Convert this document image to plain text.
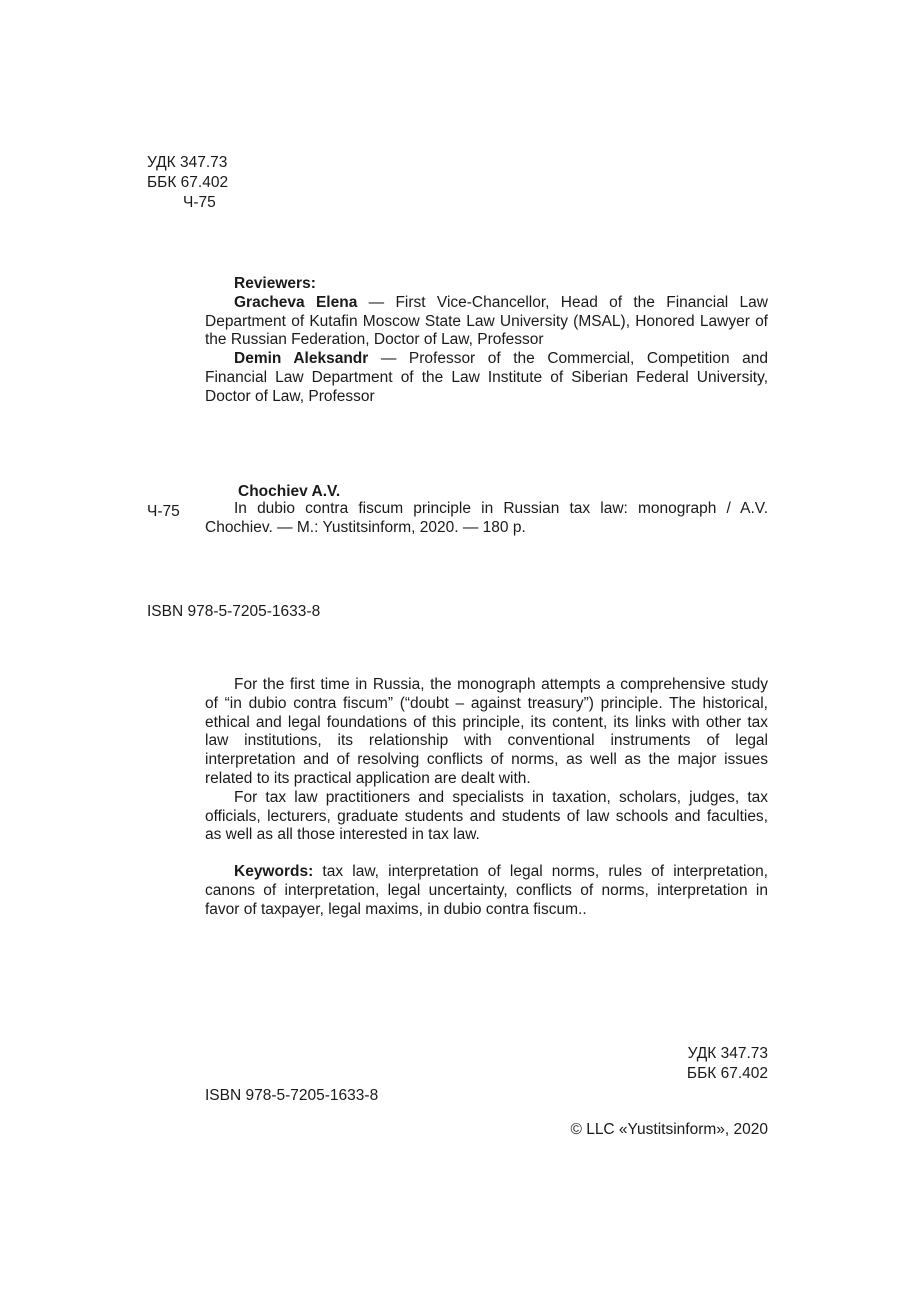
УДК 347.73
ББК 67.402
Ч-75

Reviewers:

Gracheva Elena — First Vice-Chancellor, Head of the Financial Law Department of Kutafin Moscow State Law University (MSAL), Honored Lawyer of the Russian Federation, Doctor of Law, Professor

Demin Aleksandr — Professor of the Commercial, Competition and Financial Law Department of the Law Institute of Siberian Federal University, Doctor of Law, Professor

Chochiev A.V.
Ч-75	In dubio contra fiscum principle in Russian tax law: monograph / A.V. Chochiev. — M.: Yustitsinform, 2020. — 180 p.

ISBN 978-5-7205-1633-8

For the first time in Russia, the monograph attempts a comprehensive study of “in dubio contra fiscum” (“doubt – against treasury”) principle. The historical, ethical and legal foundations of this principle, its content, its links with other tax law institutions, its relationship with conventional instruments of legal interpretation and of resolving conflicts of norms, as well as the major issues related to its practical application are dealt with.

For tax law practitioners and specialists in taxation, scholars, judges, tax officials, lecturers, graduate students and students of law schools and faculties, as well as all those interested in tax law.

Keywords: tax law, interpretation of legal norms, rules of interpretation, canons of interpretation, legal uncertainty, conflicts of norms, interpretation in favor of taxpayer, legal maxims, in dubio contra fiscum..

УДК 347.73
ББК 67.402
ISBN 978-5-7205-1633-8
© LLC «Yustitsinform», 2020
